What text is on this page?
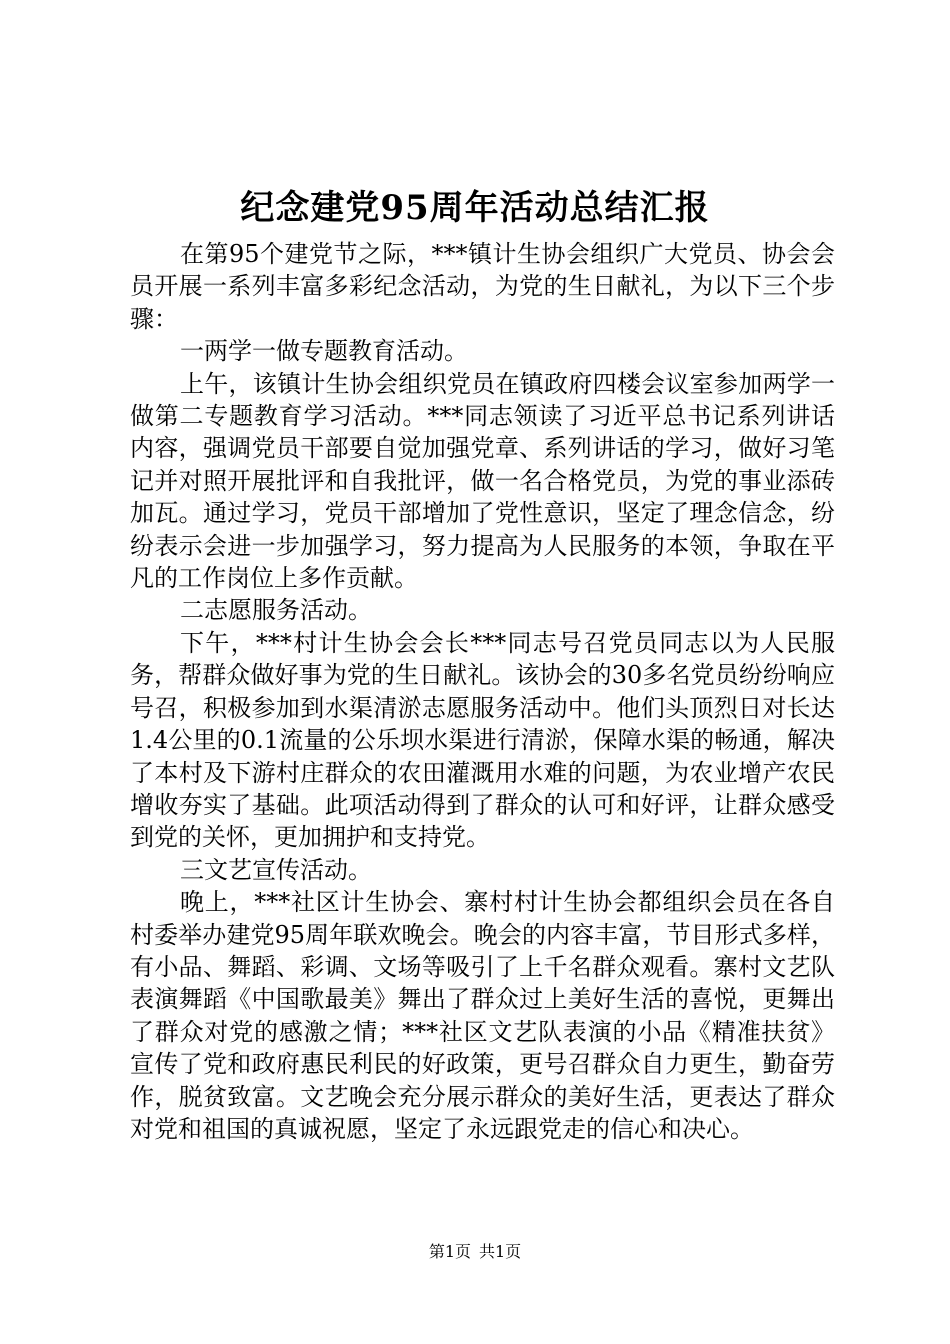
纪念建党95周年活动总结汇报

在第95个建党节之际，***镇计生协会组织广大党员、协会会员开展一系列丰富多彩纪念活动，为党的生日献礼，为以下三个步骤：

一两学一做专题教育活动。

上午，该镇计生协会组织党员在镇政府四楼会议室参加两学一做第二专题教育学习活动。***同志领读了习近平总书记系列讲话内容，强调党员干部要自觉加强党章、系列讲话的学习，做好习笔记并对照开展批评和自我批评，做一名合格党员，为党的事业添砖加瓦。通过学习，党员干部增加了党性意识，坚定了理念信念，纷纷表示会进一步加强学习，努力提高为人民服务的本领，争取在平凡的工作岗位上多作贡献。

二志愿服务活动。

下午，***村计生协会会长***同志号召党员同志以为人民服务，帮群众做好事为党的生日献礼。该协会的30多名党员纷纷响应号召，积极参加到水渠清淤志愿服务活动中。他们头顶烈日对长达1.4公里的0.1流量的公乐坝水渠进行清淤，保障水渠的畅通，解决了本村及下游村庄群众的农田灌溉用水难的问题，为农业增产农民增收夯实了基础。此项活动得到了群众的认可和好评，让群众感受到党的关怀，更加拥护和支持党。

三文艺宣传活动。

晚上，***社区计生协会、寨村村计生协会都组织会员在各自村委举办建党95周年联欢晚会。晚会的内容丰富，节目形式多样，有小品、舞蹈、彩调、文场等吸引了上千名群众观看。寨村文艺队表演舞蹈《中国歌最美》舞出了群众过上美好生活的喜悦，更舞出了群众对党的感激之情；***社区文艺队表演的小品《精准扶贫》宣传了党和政府惠民利民的好政策，更号召群众自力更生，勤奋劳作，脱贫致富。文艺晚会充分展示群众的美好生活，更表达了群众对党和祖国的真诚祝愿，坚定了永远跟党走的信心和决心。

第1页 共1页
